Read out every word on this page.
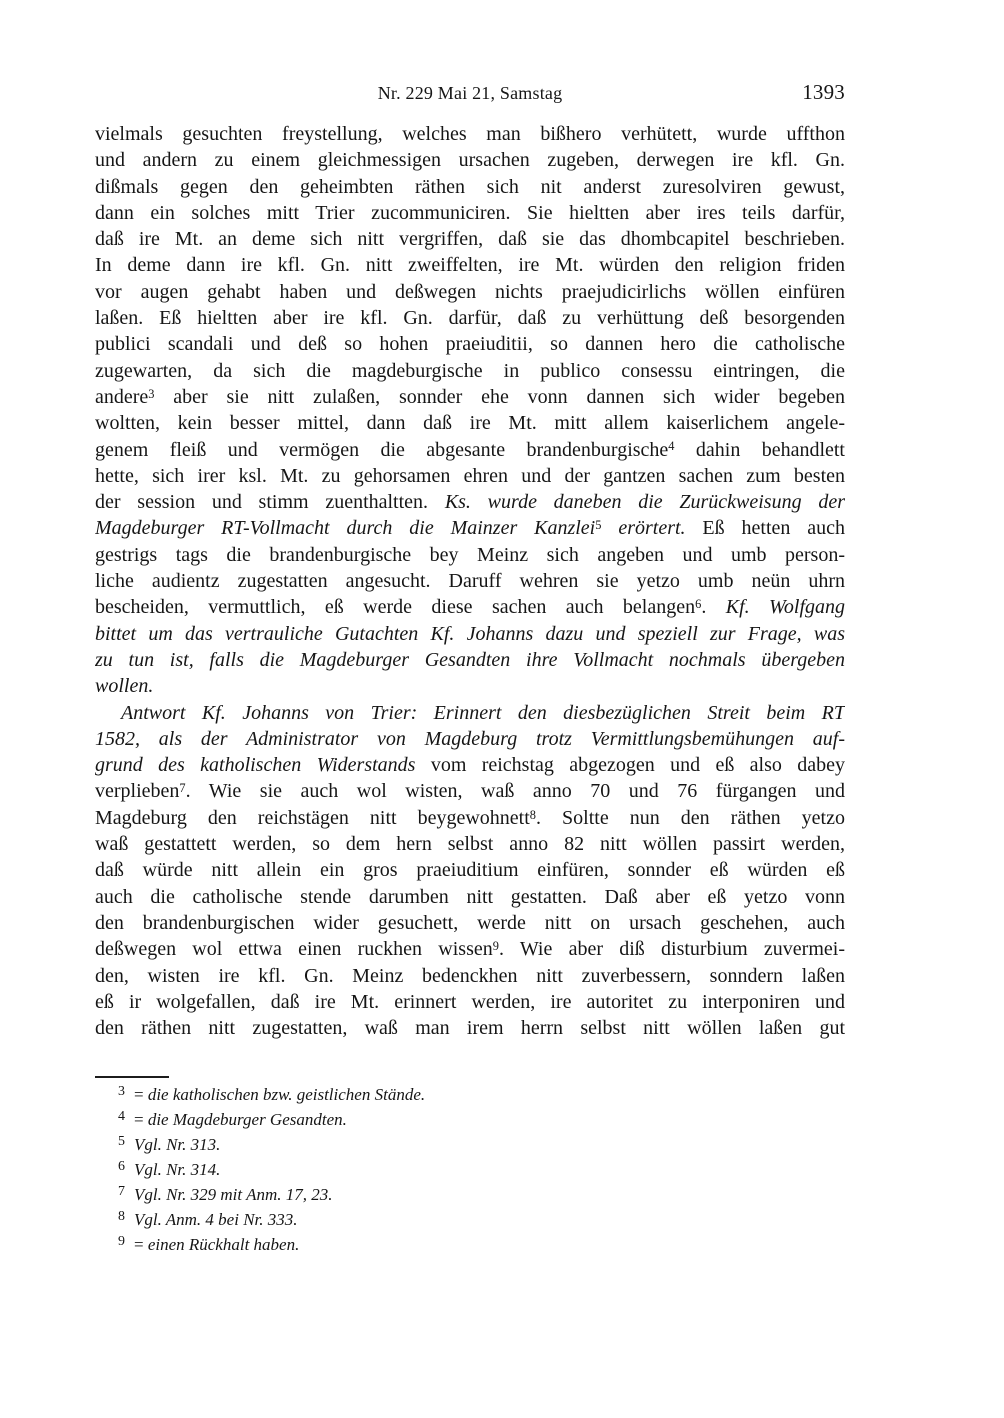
Nr. 229 Mai 21, Samstag	1393
vielmals gesuchten freystellung, welches man bißhero verhütett, wurde uffthon
und andern zu einem gleichmessigen ursachen zugeben, derwegen ire kfl. Gn.
dißmals gegen den geheimbten räthen sich nit anderst zuresolviren gewust,
dann ein solches mitt Trier zucommuniciren. Sie hieltten aber ires teils darfür,
daß ire Mt. an deme sich nitt vergriffen, daß sie das dhombcapitel beschrieben.
In deme dann ire kfl. Gn. nitt zweiffelten, ire Mt. würden den religion friden
vor augen gehabt haben und deßwegen nichts praejudicirlichs wöllen einfüren
laßen. Eß hieltten aber ire kfl. Gn. darfür, daß zu verhüttung deß besorgenden
publici scandali und deß so hohen praeiuditii, so dannen hero die catholische
zugewarten, da sich die magdeburgische in publico consessu eintringen, die
andere$^3$ aber sie nitt zulaßen, sonnder ehe vonn dannen sich wider begeben
woltten, kein besser mittel, dann daß ire Mt. mitt allem kaiserlichem angele-
genem fleiß und vermögen die abgesante brandenburgische$^4$ dahin behandlett
hette, sich irer ksl. Mt. zu gehorsamen ehren und der gantzen sachen zum besten
der session und stimm zuenthaltten. Ks. wurde daneben die Zurückweisung der
Magdeburger RT-Vollmacht durch die Mainzer Kanzlei$^5$ erörtert. Eß hetten auch
gestrigs tags die brandenburgische bey Meinz sich angeben und umb person-
liche audientz zugestatten angesucht. Daruff wehren sie yetzo umb neün uhrn
bescheiden, vermuttlich, eß werde diese sachen auch belangen$^6$. Kf. Wolfgang
bittet um das vertrauliche Gutachten Kf. Johanns dazu und speziell zur Frage, was
zu tun ist, falls die Magdeburger Gesandten ihre Vollmacht nochmals übergeben
wollen.
Antwort Kf. Johanns von Trier: Erinnert den diesbezüglichen Streit beim RT
1582, als der Administrator von Magdeburg trotz Vermittlungsbemühungen auf-
grund des katholischen Widerstands vom reichstag abgezogen und eß also dabey
verplieben$^7$. Wie sie auch wol wisten, waß anno 70 und 76 fürgangen und
Magdeburg den reichstägen nitt beygewohnett$^8$. Soltte nun den räthen yetzo
waß gestattett werden, so dem hern selbst anno 82 nitt wöllen passirt werden,
daß würde nitt allein ein gros praeiuditium einfüren, sonnder eß würden eß
auch die catholische stende darumben nitt gestatten. Daß aber eß yetzo vonn
den brandenburgischen wider gesuchett, werde nitt on ursach geschehen, auch
deßwegen wol ettwa einen ruckhen wissen$^9$. Wie aber diß disturbium zuvermei-
den, wisten ire kfl. Gn. Meinz bedenckhen nitt zuverbessern, sonndern laßen
eß ir wolgefallen, daß ire Mt. erinnert werden, ire autoritet zu interponiren und
den räthen nitt zugestatten, waß man irem herrn selbst nitt wöllen laßen gut
$^3$ = die katholischen bzw. geistlichen Stände.
$^4$ = die Magdeburger Gesandten.
$^5$ Vgl. Nr. 313.
$^6$ Vgl. Nr. 314.
$^7$ Vgl. Nr. 329 mit Anm. 17, 23.
$^8$ Vgl. Anm. 4 bei Nr. 333.
$^9$ = einen Rückhalt haben.
